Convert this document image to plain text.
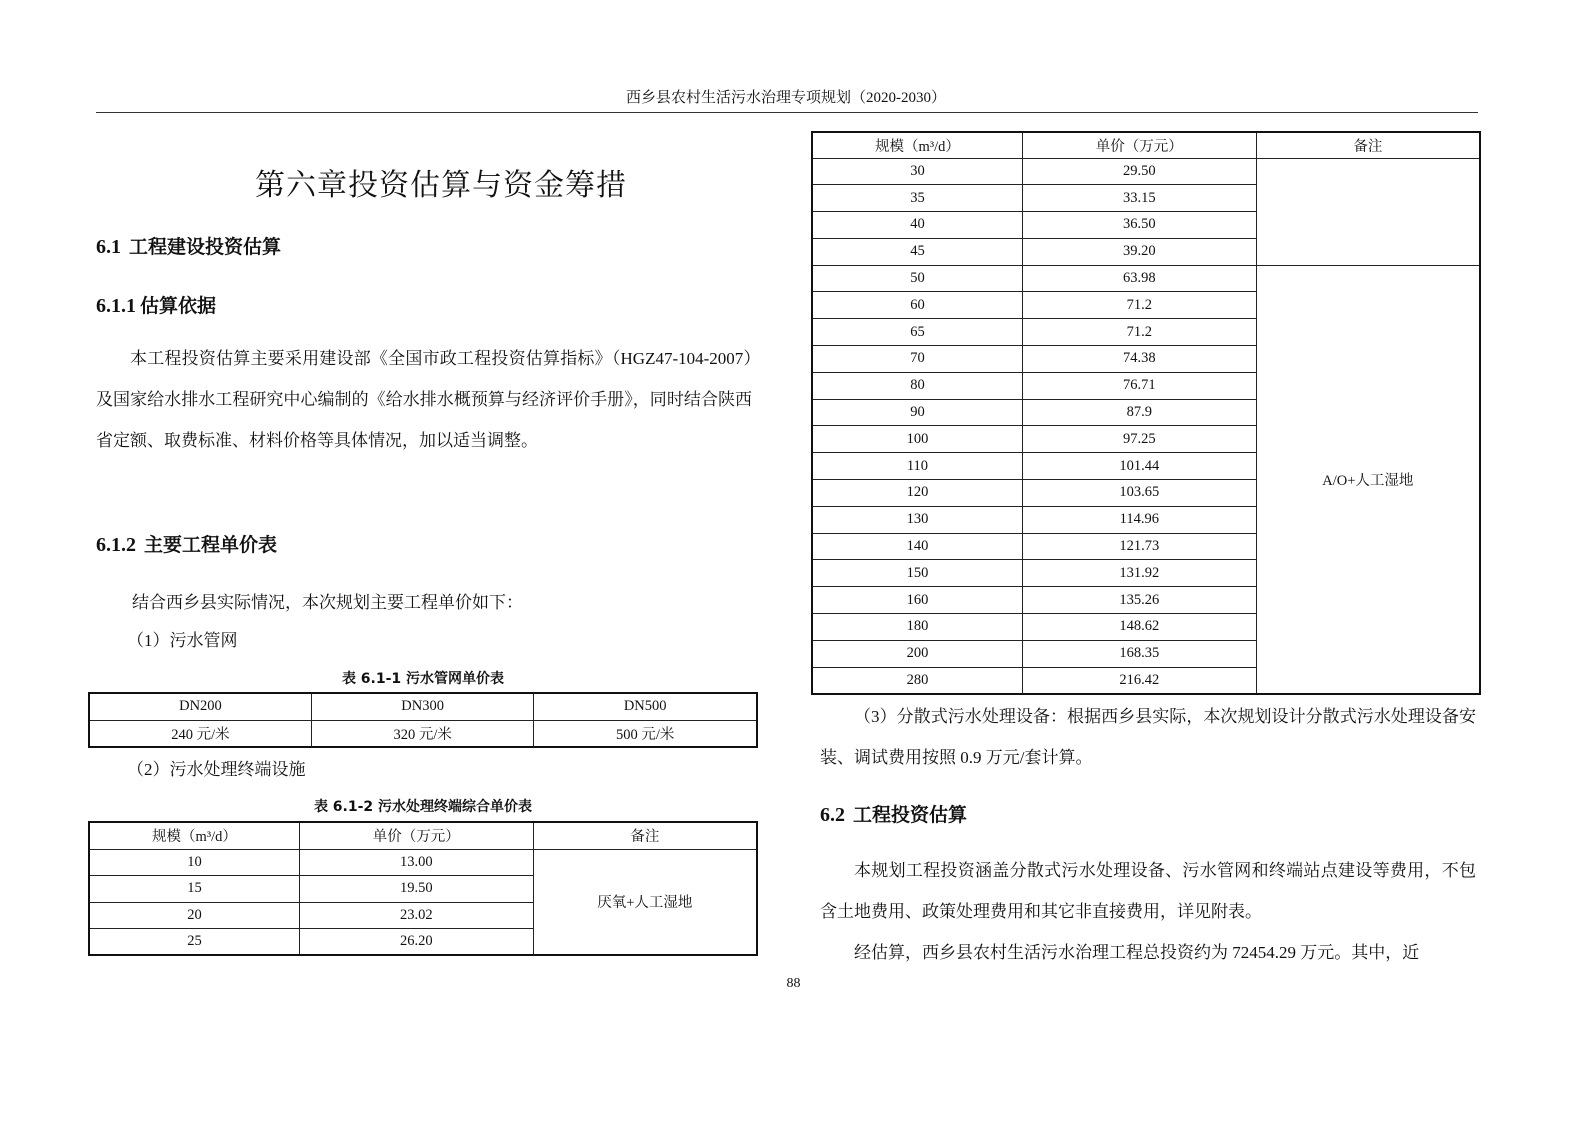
西乡县农村生活污水治理专项规划（2020-2030）
第六章投资估算与资金筹措
6.1 工程建设投资估算
6.1.1 估算依据
本工程投资估算主要采用建设部《全国市政工程投资估算指标》（HGZ47-104-2007）及国家给水排水工程研究中心编制的《给水排水概预算与经济评价手册》，同时结合陕西省定额、取费标准、材料价格等具体情况，加以适当调整。
6.1.2 主要工程单价表
结合西乡县实际情况，本次规划主要工程单价如下：
（1）污水管网
表 6.1-1 污水管网单价表
DN200	DN300	DN500
240 元/米	320 元/米	500 元/米
（2）污水处理终端设施
表 6.1-2 污水处理终端综合单价表
规模（m³/d）	单价（万元）	备注
10	13.00	厌氧+人工湿地
15	19.50	
20	23.02	
25	26.20	
规模（m³/d）	单价（万元）	备注
30	29.50	
35	33.15	
40	36.50	
45	39.20	
50	63.98	A/O+人工湿地
60	71.2	
65	71.2	
70	74.38	
80	76.71	
90	87.9	
100	97.25	
110	101.44	
120	103.65	
130	114.96	
140	121.73	
150	131.92	
160	135.26	
180	148.62	
200	168.35	
280	216.42	
（3）分散式污水处理设备：根据西乡县实际，本次规划设计分散式污水处理设备安装、调试费用按照 0.9 万元/套计算。
6.2 工程投资估算
本规划工程投资涵盖分散式污水处理设备、污水管网和终端站点建设等费用，不包含土地费用、政策处理费用和其它非直接费用，详见附表。
经估算，西乡县农村生活污水治理工程总投资约为 72454.29 万元。其中，近
88
